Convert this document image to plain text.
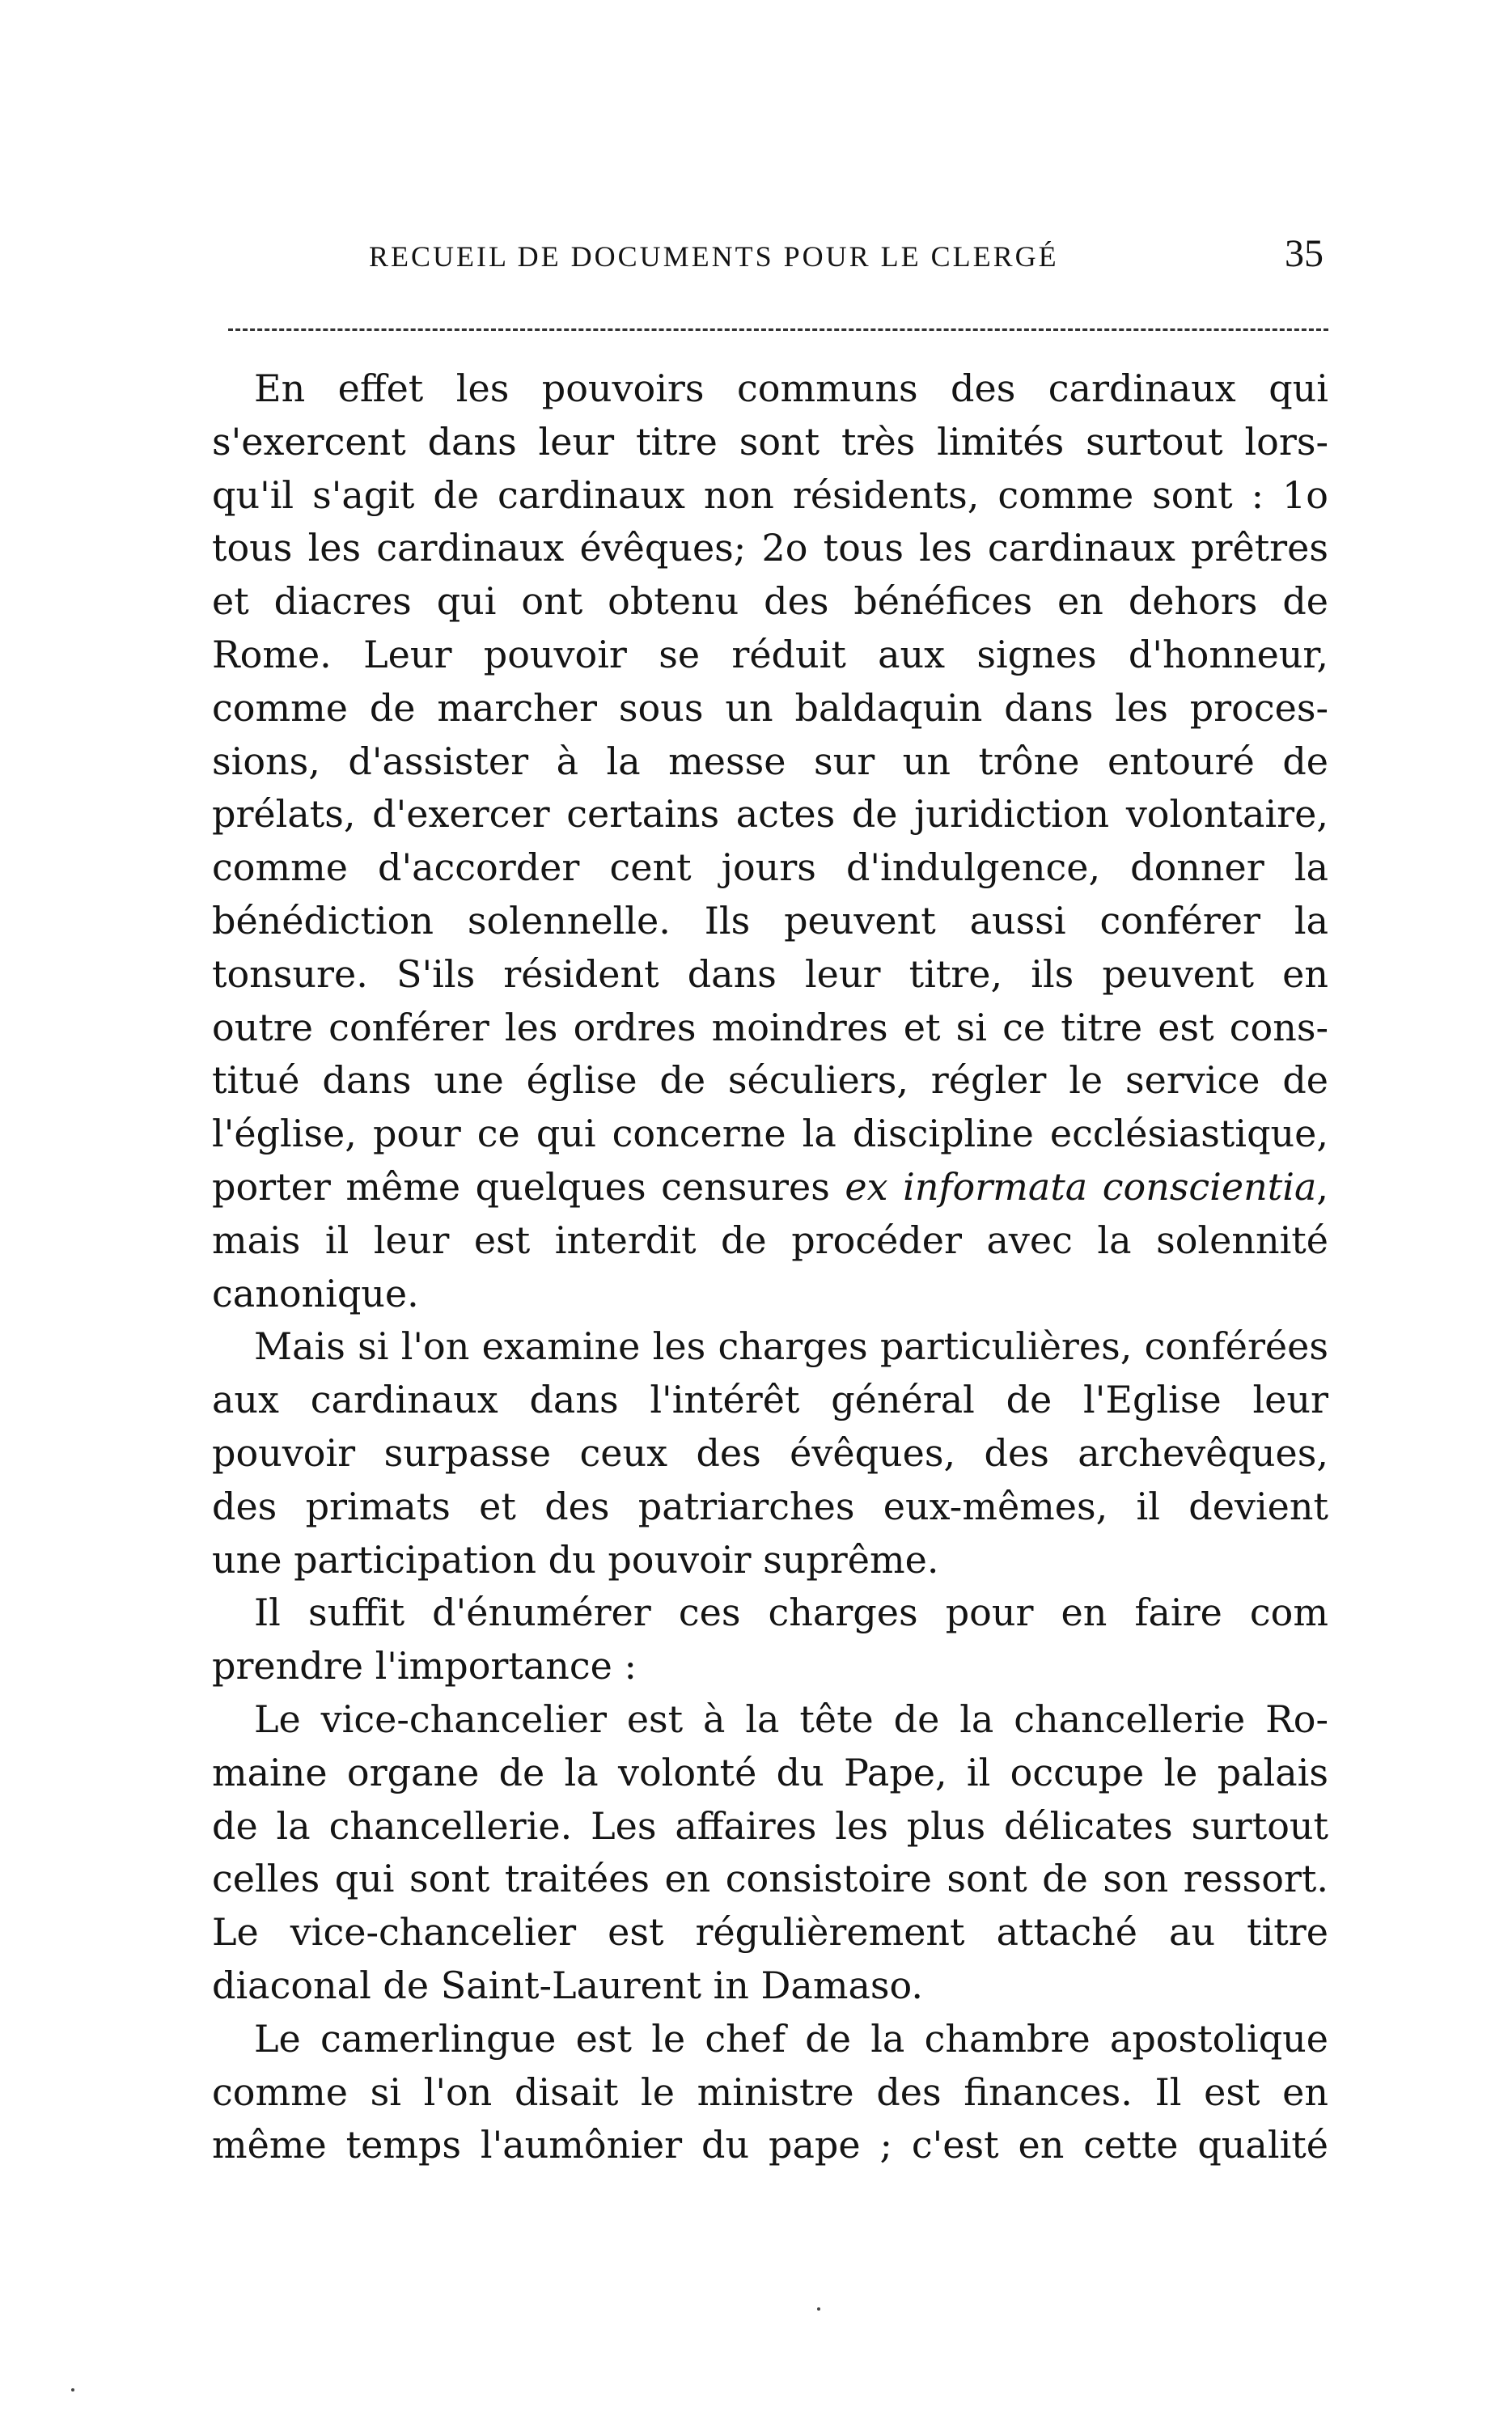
RECUEIL DE DOCUMENTS POUR LE CLERGÉ	35
En effet les pouvoirs communs des cardinaux qui
s'exercent dans leur titre sont très limités surtout lors-
qu'il s'agit de cardinaux non résidents, comme sont : 1o
tous les cardinaux évêques; 2o tous les cardinaux prêtres
et diacres qui ont obtenu des bénéfices en dehors de
Rome. Leur pouvoir se réduit aux signes d'honneur,
comme de marcher sous un baldaquin dans les proces-
sions, d'assister à la messe sur un trône entouré de
prélats, d'exercer certains actes de juridiction volontaire,
comme d'accorder cent jours d'indulgence, donner la
bénédiction solennelle. Ils peuvent aussi conférer la
tonsure. S'ils résident dans leur titre, ils peuvent en
outre conférer les ordres moindres et si ce titre est cons-
titué dans une église de séculiers, régler le service de
l'église, pour ce qui concerne la discipline ecclésiastique,
porter même quelques censures ex informata conscientia,
mais il leur est interdit de procéder avec la solennité
canonique.
Mais si l'on examine les charges particulières, conférées
aux cardinaux dans l'intérêt général de l'Eglise leur
pouvoir surpasse ceux des évêques, des archevêques,
des primats et des patriarches eux-mêmes, il devient
une participation du pouvoir suprême.
Il suffit d'énumérer ces charges pour en faire com
prendre l'importance :
Le vice-chancelier est à la tête de la chancellerie Ro-
maine organe de la volonté du Pape, il occupe le palais
de la chancellerie. Les affaires les plus délicates surtout
celles qui sont traitées en consistoire sont de son ressort.
Le vice-chancelier est régulièrement attaché au titre
diaconal de Saint-Laurent in Damaso.
Le camerlingue est le chef de la chambre apostolique
comme si l'on disait le ministre des finances. Il est en
même temps l'aumônier du pape ; c'est en cette qualité
